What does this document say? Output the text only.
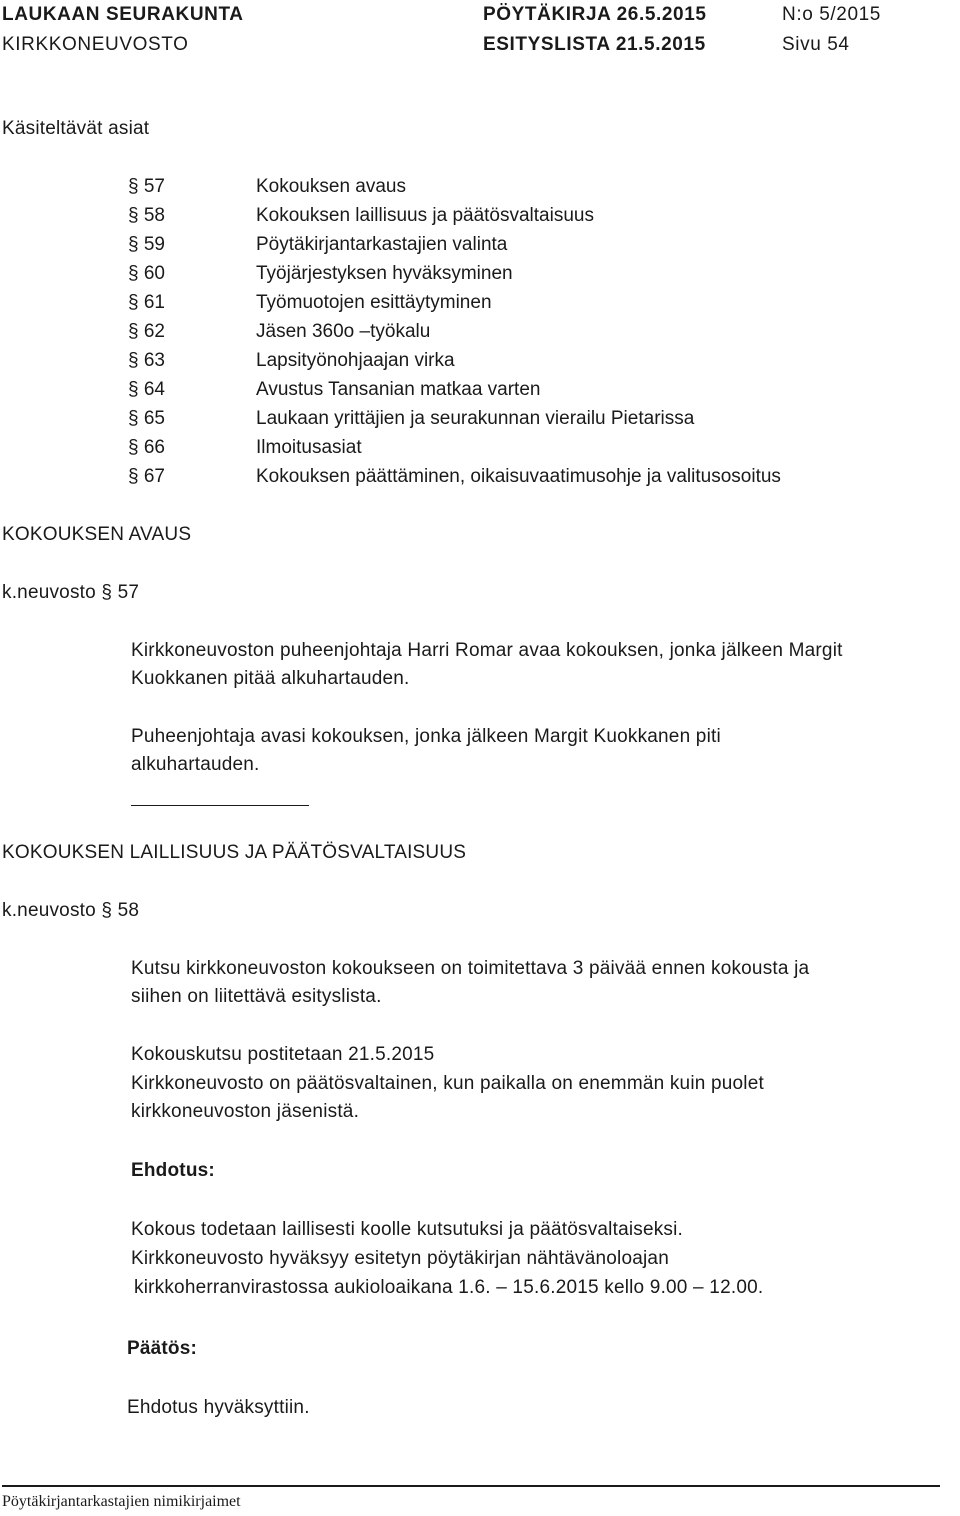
LAUKAAN SEURAKUNTA
KIRKKONEUVOSTO
PÖYTÄKIRJA 26.5.2015
ESITYSLISTA 21.5.2015
N:o 5/2015
Sivu 54
Käsiteltävät asiat
§ 57	Kokouksen avaus
§ 58	Kokouksen laillisuus ja päätösvaltaisuus
§ 59	Pöytäkirjantarkastajien valinta
§ 60	Työjärjestyksen hyväksyminen
§ 61	Työmuotojen esittäytyminen
§ 62	Jäsen 360o –työkalu
§ 63	Lapsityönohjaajan virka
§ 64	Avustus Tansanian matkaa varten
§ 65	Laukaan yrittäjien ja seurakunnan vierailu Pietarissa
§ 66	Ilmoitusasiat
§ 67	Kokouksen päättäminen, oikaisuvaatimusohje ja valitusosoitus
KOKOUKSEN AVAUS
k.neuvosto § 57
Kirkkoneuvoston puheenjohtaja Harri Romar avaa kokouksen, jonka jälkeen Margit
Kuokkanen pitää alkuhartauden.
Puheenjohtaja avasi kokouksen, jonka jälkeen Margit Kuokkanen piti
alkuhartauden.
KOKOUKSEN LAILLISUUS JA PÄÄTÖSVALTAISUUS
k.neuvosto § 58
Kutsu kirkkoneuvoston kokoukseen on toimitettava 3 päivää ennen kokousta ja
siihen on liitettävä esityslista.
Kokouskutsu postitetaan 21.5.2015
Kirkkoneuvosto on päätösvaltainen, kun paikalla on enemmän kuin puolet
kirkkoneuvoston jäsenistä.
Ehdotus:
Kokous todetaan laillisesti koolle kutsutuksi ja päätösvaltaiseksi.
Kirkkoneuvosto hyväksyy esitetyn pöytäkirjan nähtävänoloajan
kirkkoherranvirastossa aukioloaikana 1.6. – 15.6.2015 kello 9.00 – 12.00.
Päätös:
Ehdotus hyväksyttiin.
Pöytäkirjantarkastajien nimikirjaimet
